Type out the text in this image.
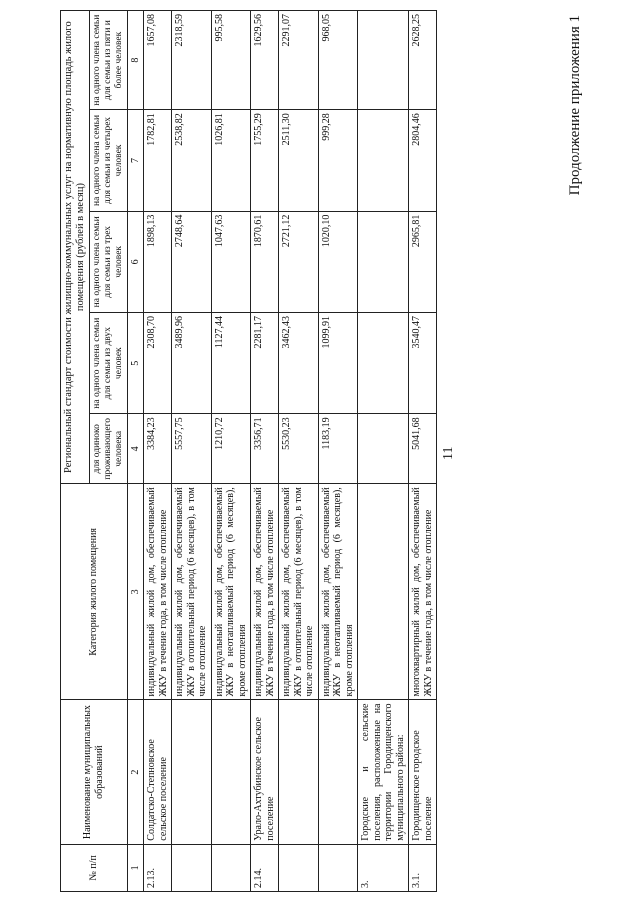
Продолжение приложения 1
11
№ п/п	Наименование муниципальных образований	Категория жилого помещения	Региональный стандарт стоимости жилищно-коммунальных услуг на нормативную площадь жилого помещения (рублей в месяц)				
			для одиноко проживающего человека	на одного члена семьи для семьи из двух человек	на одного члена семьи для семьи из трех человек	на одного члена семьи для семьи из четырех человек	на одного члена семьи для семьи из пяти и более человек
1	2	3	4	5	6	7	8
2.13.	Солдатско-Степновское сельское поселение	индивидуальный жилой дом, обеспечиваемый ЖКУ в течение года, в том числе отопление	3384,23	2308,70	1898,13	1782,81	1657,08
		индивидуальный жилой дом, обеспечиваемый ЖКУ в отопительный период (6 месяцев), в том числе отопление	5557,75	3489,96	2748,64	2538,82	2318,59
		индивидуальный жилой дом, обеспечиваемый ЖКУ в неотапливаемый период (6 месяцев), кроме отопления	1210,72	1127,44	1047,63	1026,81	995,58
2.14.	Урало-Ахтубинское сельское поселение	индивидуальный жилой дом, обеспечиваемый ЖКУ в течение года, в том числе отопление	3356,71	2281,17	1870,61	1755,29	1629,56
		индивидуальный жилой дом, обеспечиваемый ЖКУ в отопительный период (6 месяцев), в том числе отопление	5530,23	3462,43	2721,12	2511,30	2291,07
		индивидуальный жилой дом, обеспечиваемый ЖКУ в неотапливаемый период (6 месяцев), кроме отопления	1183,19	1099,91	1020,10	999,28	968,05
3.	Городские и сельские поселения, расположенные на территории Городищенского муниципального района:						
3.1.	Городищенское городское поселение	многоквартирный жилой дом, обеспечиваемый ЖКУ в течение года, в том числе отопление	5041,68	3540,47	2965,81	2804,46	2628,25
